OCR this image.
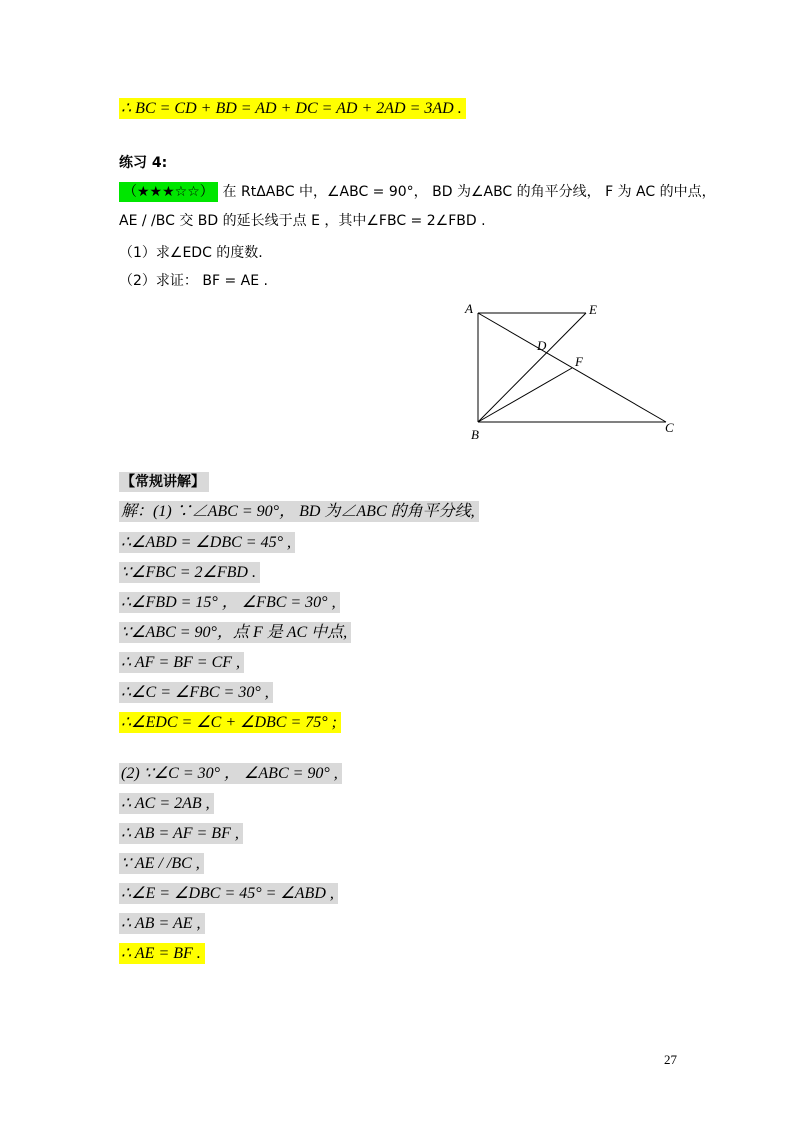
∴ BC = CD + BD = AD + DC = AD + 2AD = 3AD .
练习 4:
（★★★☆☆） 在 RtΔABC 中，∠ABC = 90°， BD 为∠ABC 的角平分线， F 为 AC 的中点，
AE / /BC 交 BD 的延长线于点 E ，其中∠FBC = 2∠FBD .
（1）求∠EDC 的度数.
（2）求证： BF = AE .
A	E
D
F
B	C
【常规讲解】
解：(1) ∵∠ABC = 90°， BD 为∠ABC 的角平分线,
∴∠ABD = ∠DBC = 45° ,
∵∠FBC = 2∠FBD .
∴∠FBD = 15° ， ∠FBC = 30° ,
∵∠ABC = 90°，点 F 是 AC 中点,
∴ AF = BF = CF ,
∴∠C = ∠FBC = 30° ,
∴∠EDC = ∠C + ∠DBC = 75° ;
(2) ∵∠C = 30° ， ∠ABC = 90° ,
∴ AC = 2AB ,
∴ AB = AF = BF ,
∵ AE / /BC ,
∴∠E = ∠DBC = 45° = ∠ABD ,
∴ AB = AE ,
∴ AE = BF .
27
